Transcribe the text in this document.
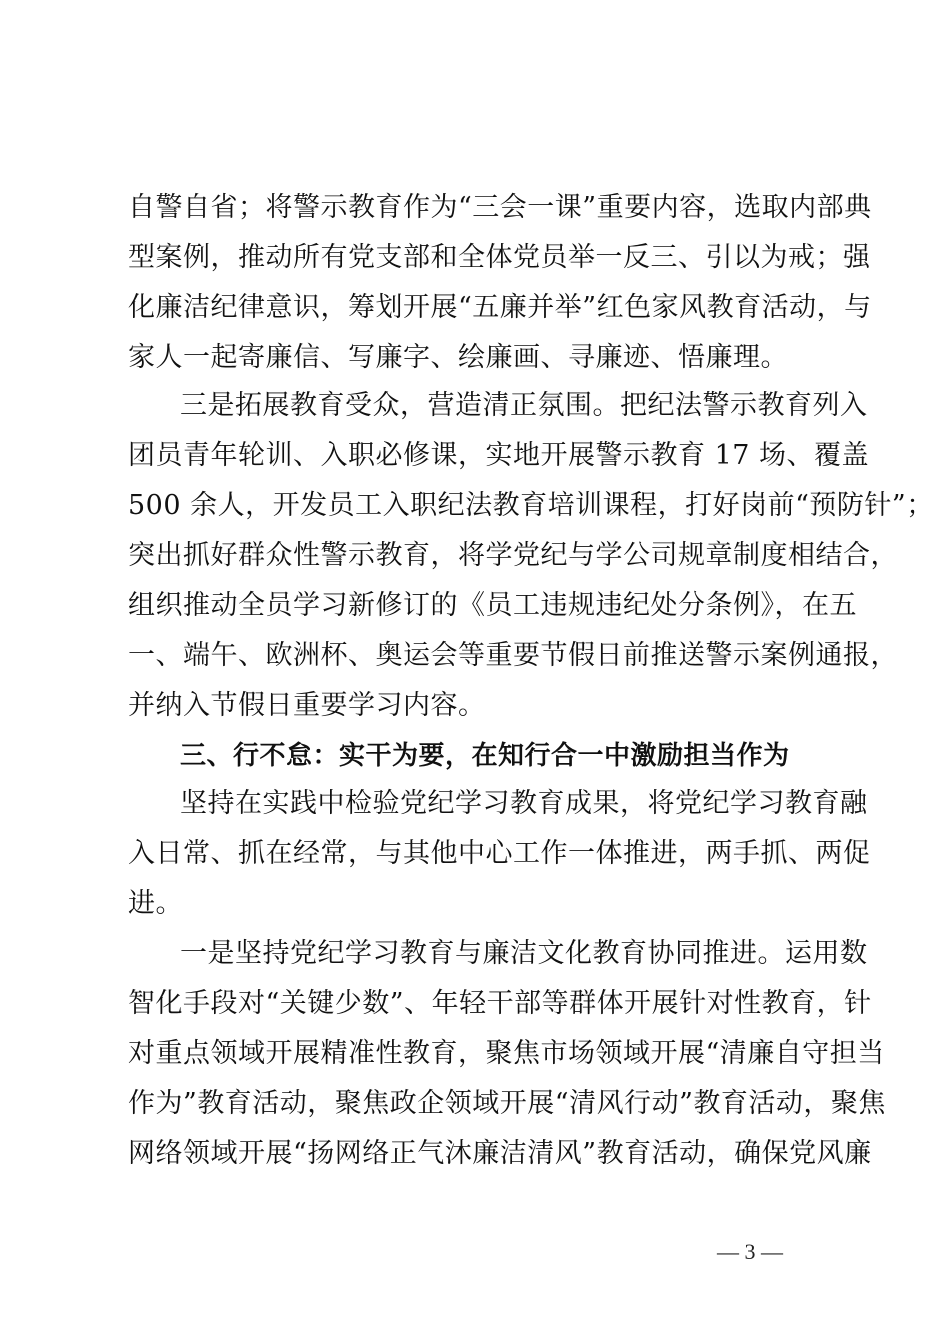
自警自省；将警示教育作为“三会一课”重要内容，选取内部典
型案例，推动所有党支部和全体党员举一反三、引以为戒；强
化廉洁纪律意识，筹划开展“五廉并举”红色家风教育活动，与
家人一起寄廉信、写廉字、绘廉画、寻廉迹、悟廉理。
三是拓展教育受众，营造清正氛围。把纪法警示教育列入
团员青年轮训、入职必修课，实地开展警示教育 17 场、覆盖
500 余人，开发员工入职纪法教育培训课程，打好岗前“预防针”；
突出抓好群众性警示教育，将学党纪与学公司规章制度相结合，
组织推动全员学习新修订的《员工违规违纪处分条例》，在五
一、端午、欧洲杯、奥运会等重要节假日前推送警示案例通报，
并纳入节假日重要学习内容。
三、行不怠：实干为要，在知行合一中激励担当作为
坚持在实践中检验党纪学习教育成果，将党纪学习教育融
入日常、抓在经常，与其他中心工作一体推进，两手抓、两促
进。
一是坚持党纪学习教育与廉洁文化教育协同推进。运用数
智化手段对“关键少数”、年轻干部等群体开展针对性教育，针
对重点领域开展精准性教育，聚焦市场领域开展“清廉自守担当
作为”教育活动，聚焦政企领域开展“清风行动”教育活动，聚焦
网络领域开展“扬网络正气沐廉洁清风”教育活动，确保党风廉
— 3 —
